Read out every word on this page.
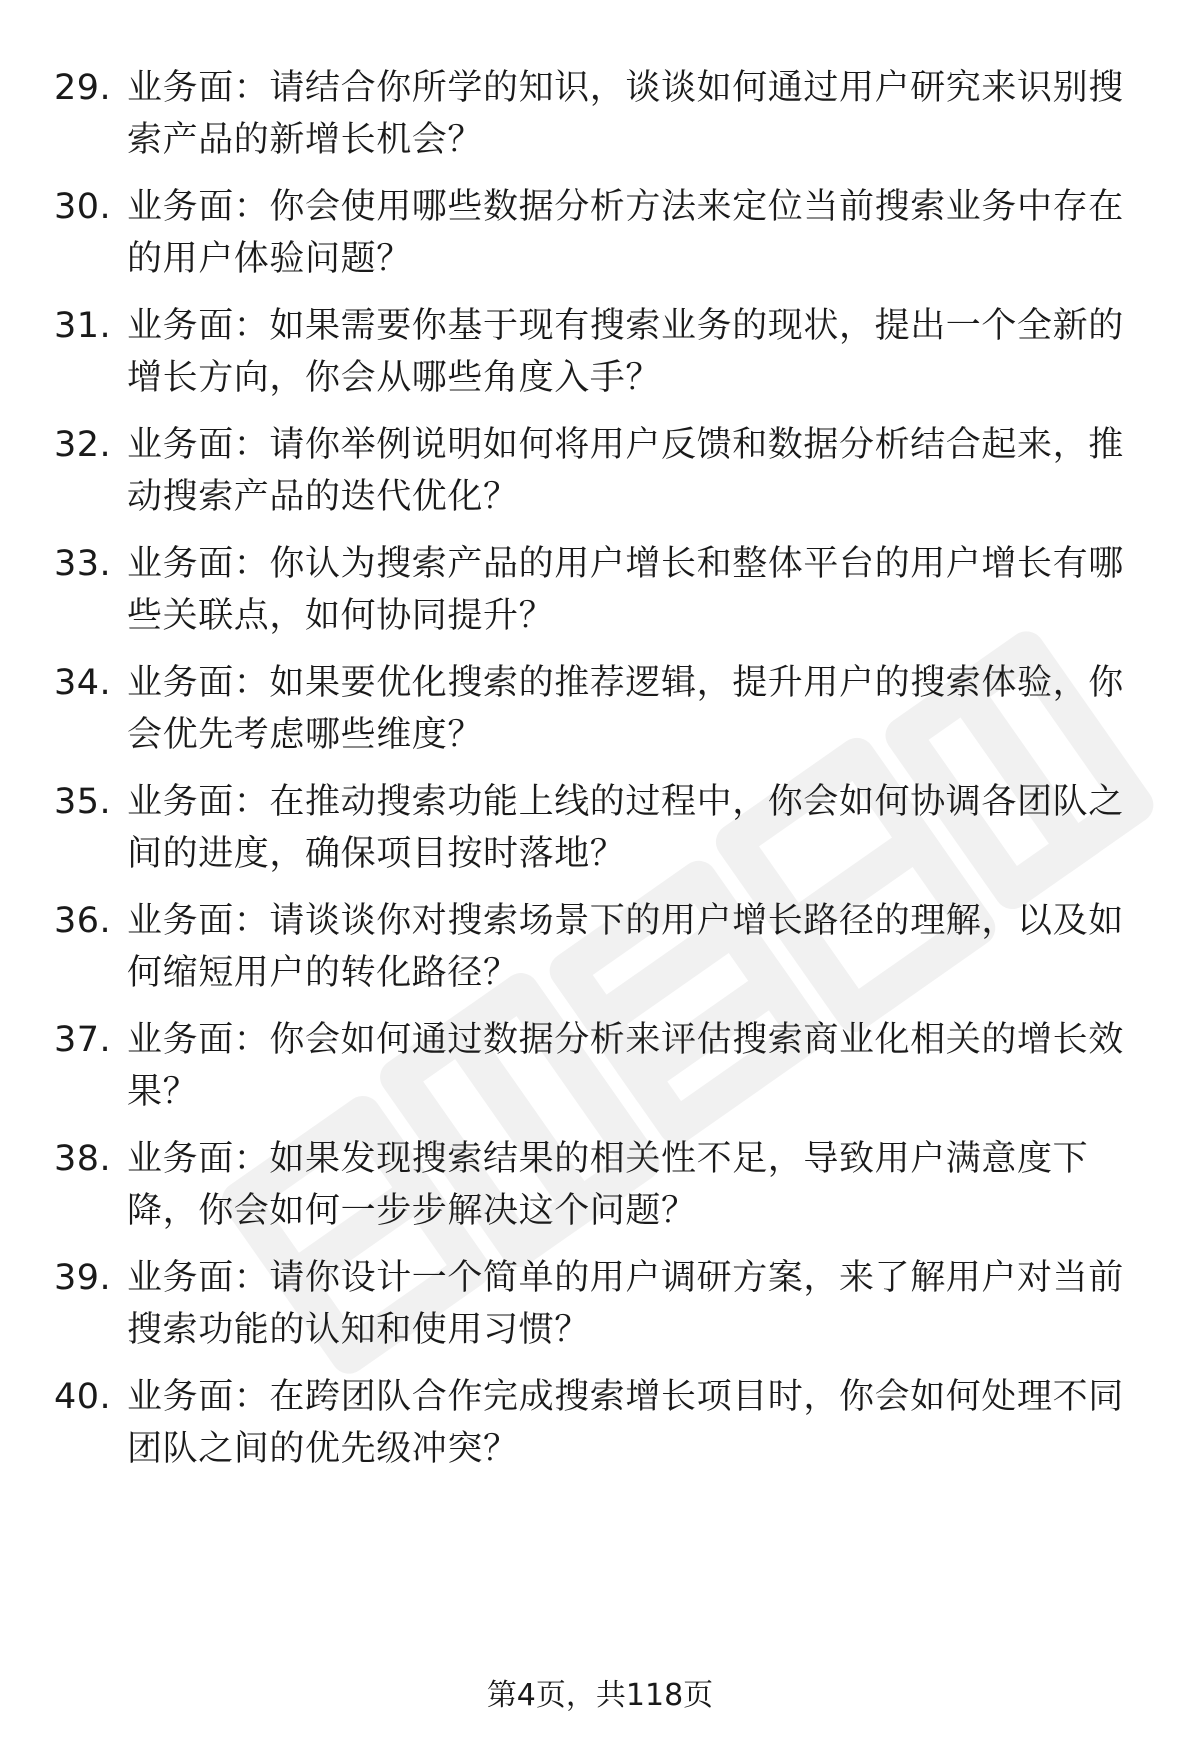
29. 业务面：请结合你所学的知识，谈谈如何通过用户研究来识别搜
索产品的新增长机会？
30. 业务面：你会使用哪些数据分析方法来定位当前搜索业务中存在
的用户体验问题？
31. 业务面：如果需要你基于现有搜索业务的现状，提出一个全新的
增长方向，你会从哪些角度入手？
32. 业务面：请你举例说明如何将用户反馈和数据分析结合起来，推
动搜索产品的迭代优化？
33. 业务面：你认为搜索产品的用户增长和整体平台的用户增长有哪
些关联点，如何协同提升？
34. 业务面：如果要优化搜索的推荐逻辑，提升用户的搜索体验，你
会优先考虑哪些维度？
35. 业务面：在推动搜索功能上线的过程中，你会如何协调各团队之
间的进度，确保项目按时落地？
36. 业务面：请谈谈你对搜索场景下的用户增长路径的理解，以及如
何缩短用户的转化路径？
37. 业务面：你会如何通过数据分析来评估搜索商业化相关的增长效
果？
38. 业务面：如果发现搜索结果的相关性不足，导致用户满意度下
降，你会如何一步步解决这个问题？
39. 业务面：请你设计一个简单的用户调研方案，来了解用户对当前
搜索功能的认知和使用习惯？
40. 业务面：在跨团队合作完成搜索增长项目时，你会如何处理不同
团队之间的优先级冲突？
第4页，共118页
